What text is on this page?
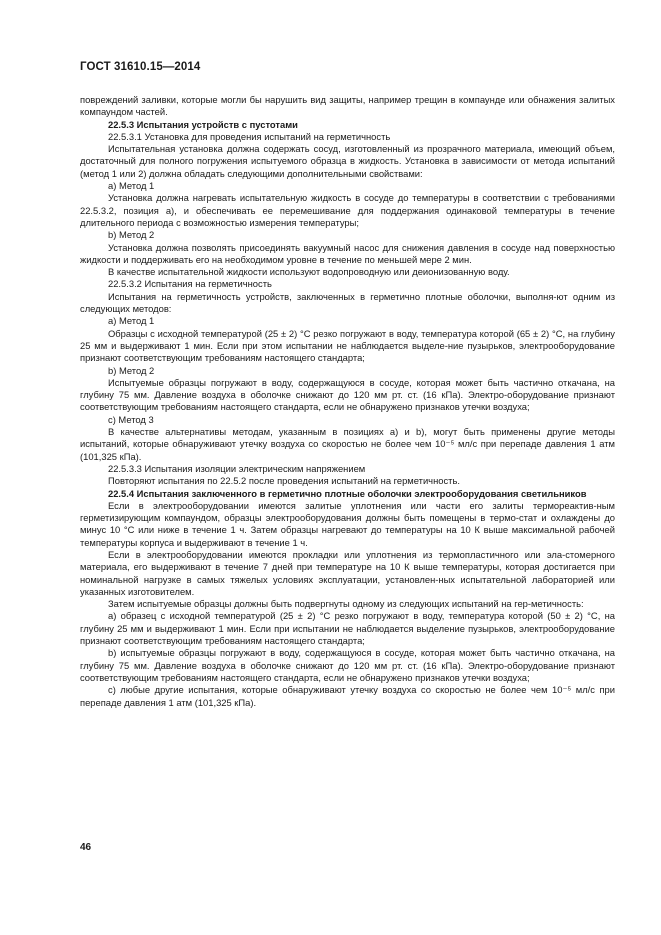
ГОСТ 31610.15—2014

повреждений заливки, которые могли бы нарушить вид защиты, например трещин в компаунде или обнажения залитых компаундом частей.

22.5.3 Испытания устройств с пустотами

22.5.3.1 Установка для проведения испытаний на герметичность

Испытательная установка должна содержать сосуд, изготовленный из прозрачного материала, имеющий объем, достаточный для полного погружения испытуемого образца в жидкость. Установка в зависимости от метода испытаний (метод 1 или 2) должна обладать следующими дополнительными свойствами:

а) Метод 1

Установка должна нагревать испытательную жидкость в сосуде до температуры в соответствии с требованиями 22.5.3.2, позиция а), и обеспечивать ее перемешивание для поддержания одинаковой температуры в течение длительного периода с возможностью измерения температуры;

b) Метод 2

Установка должна позволять присоединять вакуумный насос для снижения давления в сосуде над поверхностью жидкости и поддерживать его на необходимом уровне в течение по меньшей мере 2 мин.

В качестве испытательной жидкости используют водопроводную или деионизованную воду.

22.5.3.2 Испытания на герметичность

Испытания на герметичность устройств, заключенных в герметично плотные оболочки, выполня-ют одним из следующих методов:

а) Метод 1

Образцы с исходной температурой (25 ± 2) °С резко погружают в воду, температура которой (65 ± 2) °С, на глубину 25 мм и выдерживают 1 мин. Если при этом испытании не наблюдается выделе-ние пузырьков, электрооборудование признают соответствующим требованиям настоящего стандарта;

b) Метод 2

Испытуемые образцы погружают в воду, содержащуюся в сосуде, которая может быть частично откачана, на глубину 75 мм. Давление воздуха в оболочке снижают до 120 мм рт. ст. (16 кПа). Электро-оборудование признают соответствующим требованиям настоящего стандарта, если не обнаружено признаков утечки воздуха;

с) Метод 3

В качестве альтернативы методам, указанным в позициях а) и b), могут быть применены другие методы испытаний, которые обнаруживают утечку воздуха со скоростью не более чем 10⁻⁵ мл/с при перепаде давления 1 атм (101,325 кПа).

22.5.3.3 Испытания изоляции электрическим напряжением

Повторяют испытания по 22.5.2 после проведения испытаний на герметичность.

22.5.4 Испытания заключенного в герметично плотные оболочки электрооборудования светильников

Если в электрооборудовании имеются залитые уплотнения или части его залиты термореактив-ным герметизирующим компаундом, образцы электрооборудования должны быть помещены в термо-стат и охлаждены до минус 10 °С или ниже в течение 1 ч. Затем образцы нагревают до температуры на 10 К выше максимальной рабочей температуры корпуса и выдерживают в течение 1 ч.

Если в электрооборудовании имеются прокладки или уплотнения из термопластичного или эла-стомерного материала, его выдерживают в течение 7 дней при температуре на 10 К выше температуры, которая достигается при номинальной нагрузке в самых тяжелых условиях эксплуатации, установлен-ных испытательной лабораторией или указанных изготовителем.

Затем испытуемые образцы должны быть подвергнуты одному из следующих испытаний на гер-метичность:

а) образец с исходной температурой (25 ± 2) °С резко погружают в воду, температура которой (50 ± 2) °С, на глубину 25 мм и выдерживают 1 мин. Если при испытании не наблюдается выделение пузырьков, электрооборудование признают соответствующим требованиям настоящего стандарта;

b) испытуемые образцы погружают в воду, содержащуюся в сосуде, которая может быть частично откачана, на глубину 75 мм. Давление воздуха в оболочке снижают до 120 мм рт. ст. (16 кПа). Электро-оборудование признают соответствующим требованиям настоящего стандарта, если не обнаружено признаков утечки воздуха;

с) любые другие испытания, которые обнаруживают утечку воздуха со скоростью не более чем 10⁻⁵ мл/с при перепаде давления 1 атм (101,325 кПа).

46
